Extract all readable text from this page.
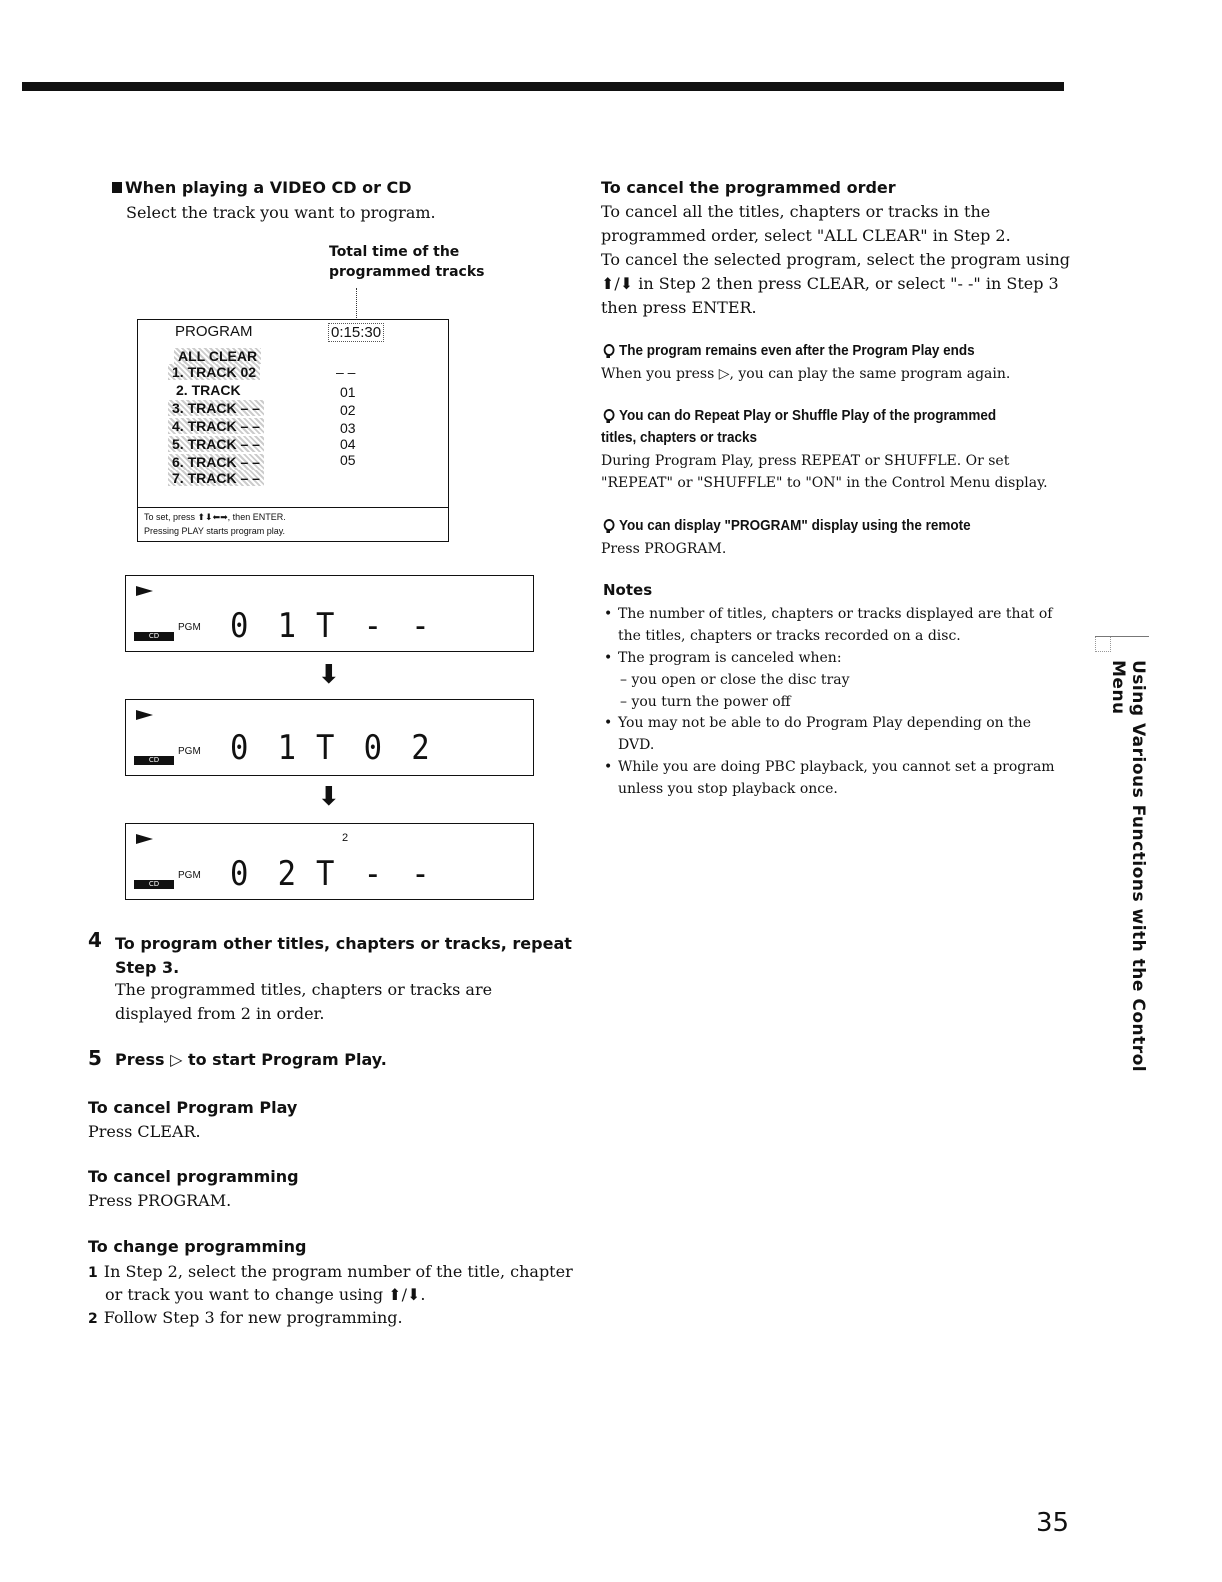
When playing a VIDEO CD or CD
Select the track you want to program.
Total time of the
programmed tracks
PROGRAM	0:15:30
ALL CLEAR
1. TRACK 02
2. TRACK
3. TRACK – –
4. TRACK – –
5. TRACK – –
6. TRACK – –
7. TRACK – –
– –
01
02
03
04
05
To set, press ⬆⬇⬅➡, then ENTER.
Pressing PLAY starts program play.
CD
PGM 0 1 T - -
⬇
CD
PGM 0 1 T 0 2
⬇
2
CD
PGM 0 2 T - -
4 To program other titles, chapters or tracks, repeat
Step 3.
The programmed titles, chapters or tracks are
displayed from 2 in order.
5 Press ▷ to start Program Play.
To cancel Program Play
Press CLEAR.
To cancel programming
Press PROGRAM.
To change programming
1 In Step 2, select the program number of the title, chapter
or track you want to change using ⬆/⬇.
2 Follow Step 3 for new programming.
To cancel the programmed order
To cancel all the titles, chapters or tracks in the
programmed order, select "ALL CLEAR" in Step 2.
To cancel the selected program, select the program using
⬆/⬇ in Step 2 then press CLEAR, or select "- -" in Step 3
then press ENTER.
The program remains even after the Program Play ends
When you press ▷, you can play the same program again.
You can do Repeat Play or Shuffle Play of the programmed
titles, chapters or tracks
During Program Play, press REPEAT or SHUFFLE. Or set
"REPEAT" or "SHUFFLE" to "ON" in the Control Menu display.
You can display "PROGRAM" display using the remote
Press PROGRAM.
Notes
• The number of titles, chapters or tracks displayed are that of
the titles, chapters or tracks recorded on a disc.
• The program is canceled when:
– you open or close the disc tray
– you turn the power off
• You may not be able to do Program Play depending on the
DVD.
• While you are doing PBC playback, you cannot set a program
unless you stop playback once.	Using Various Functions with the Control Menu
35
